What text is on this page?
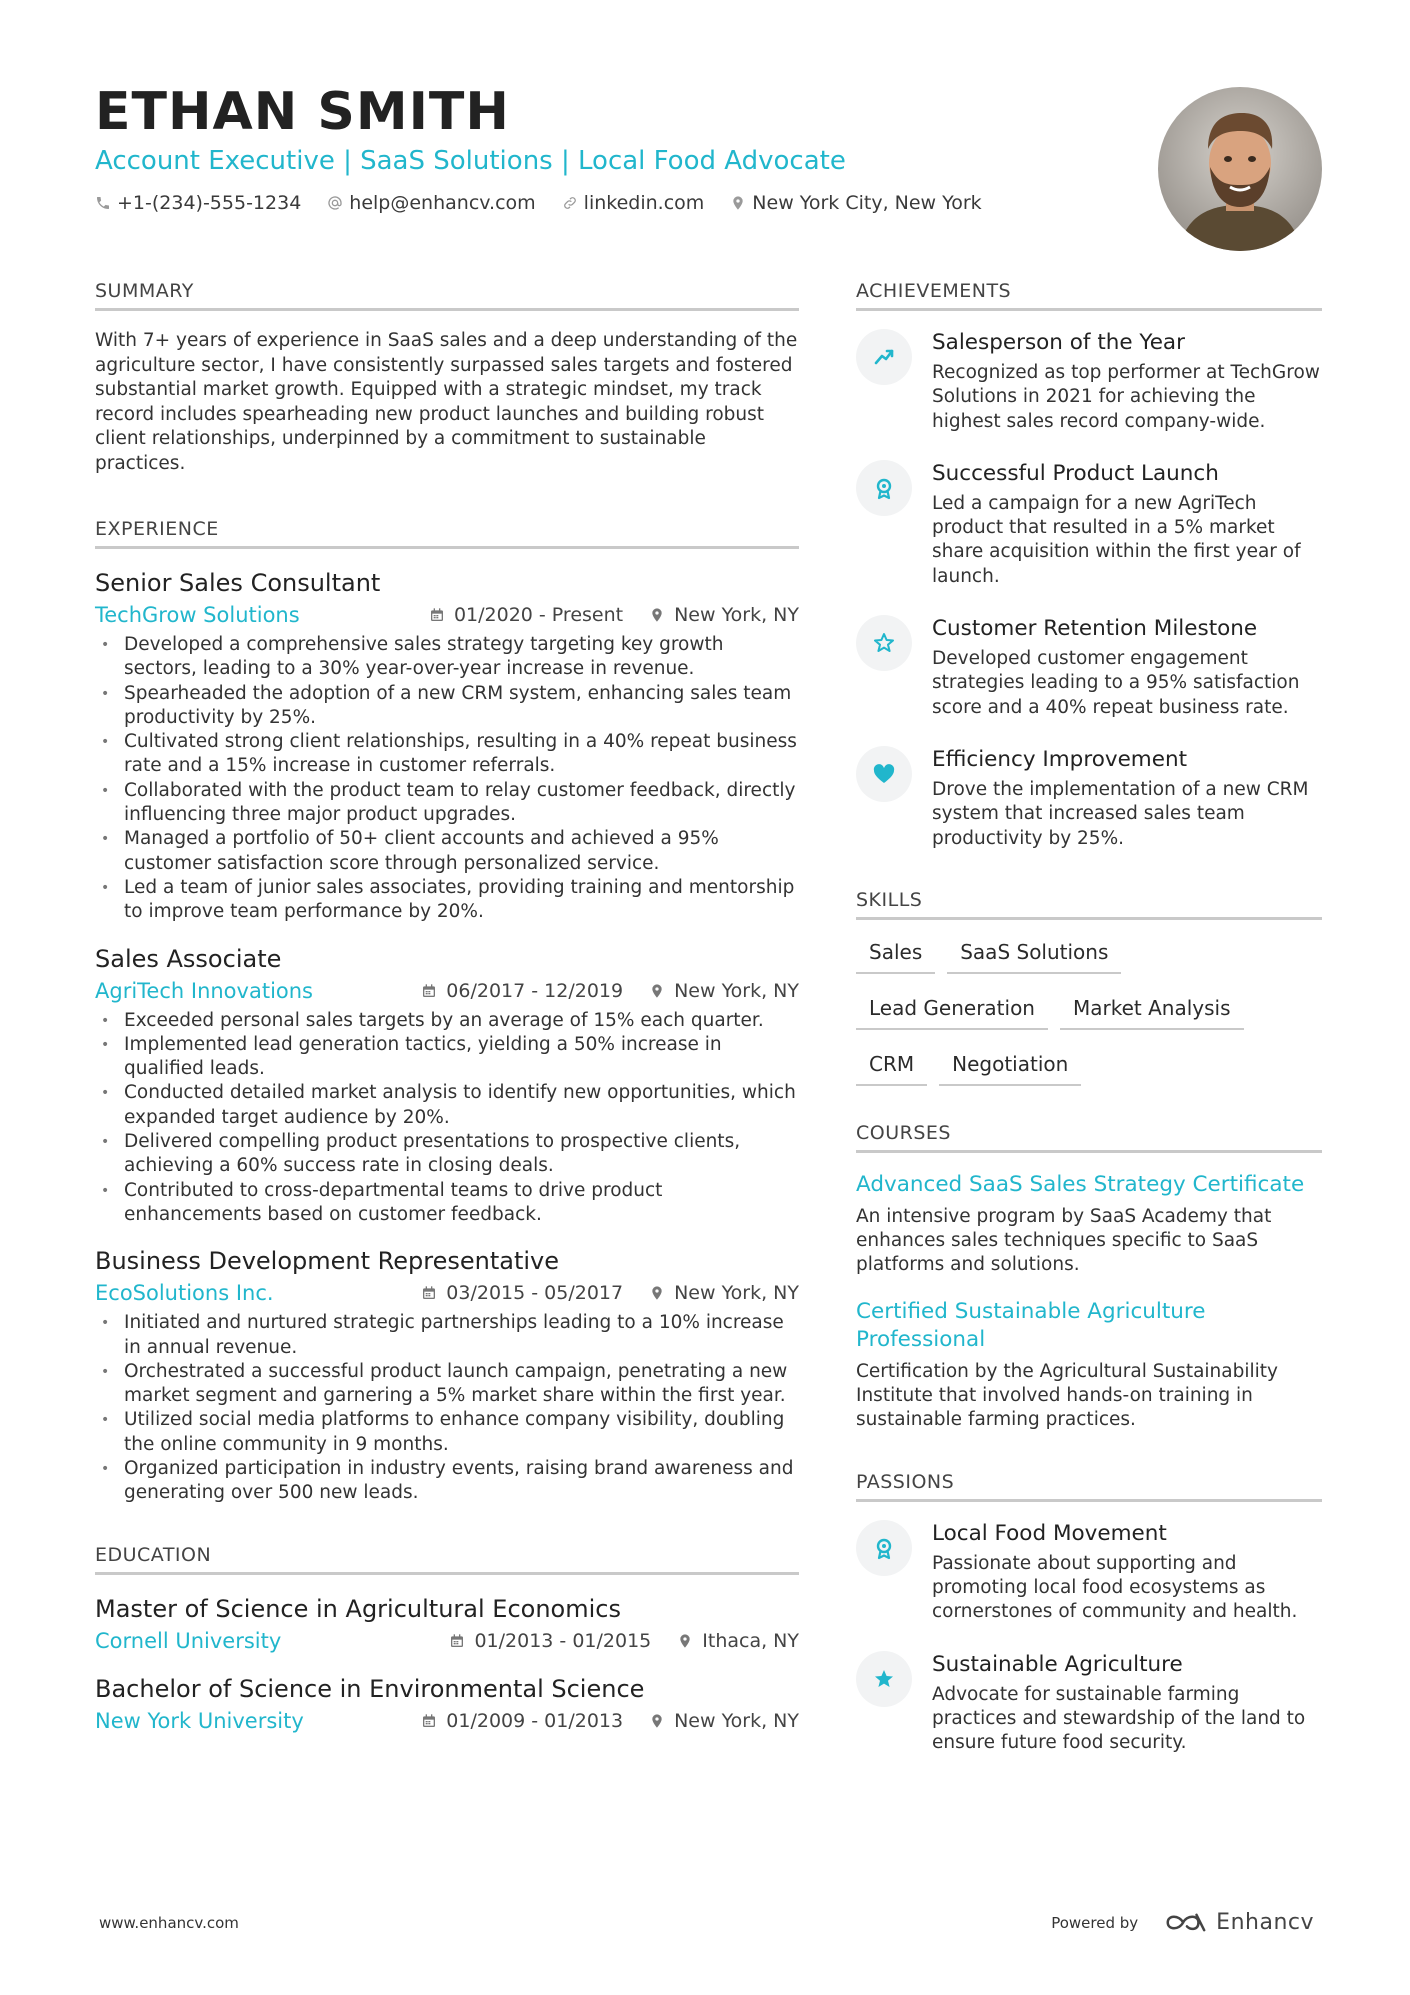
ETHAN SMITH
Account Executive | SaaS Solutions | Local Food Advocate
+1-(234)-555-1234	help@enhancv.com	linkedin.com	New York City, New York
SUMMARY

With 7+ years of experience in SaaS sales and a deep understanding of the agriculture sector, I have consistently surpassed sales targets and fostered substantial market growth. Equipped with a strategic mindset, my track record includes spearheading new product launches and building robust client relationships, underpinned by a commitment to sustainable practices.

EXPERIENCE
Senior Sales Consultant
TechGrow Solutions	01/2020 - Present	New York, NY
• Developed a comprehensive sales strategy targeting key growth sectors, leading to a 30% year-over-year increase in revenue.
• Spearheaded the adoption of a new CRM system, enhancing sales team productivity by 25%.
• Cultivated strong client relationships, resulting in a 40% repeat business rate and a 15% increase in customer referrals.
• Collaborated with the product team to relay customer feedback, directly influencing three major product upgrades.
• Managed a portfolio of 50+ client accounts and achieved a 95% customer satisfaction score through personalized service.
• Led a team of junior sales associates, providing training and mentorship to improve team performance by 20%.
Sales Associate
AgriTech Innovations	06/2017 - 12/2019	New York, NY
• Exceeded personal sales targets by an average of 15% each quarter.
• Implemented lead generation tactics, yielding a 50% increase in qualified leads.
• Conducted detailed market analysis to identify new opportunities, which expanded target audience by 20%.
• Delivered compelling product presentations to prospective clients, achieving a 60% success rate in closing deals.
• Contributed to cross-departmental teams to drive product enhancements based on customer feedback.
Business Development Representative
EcoSolutions Inc.	03/2015 - 05/2017	New York, NY
• Initiated and nurtured strategic partnerships leading to a 10% increase in annual revenue.
• Orchestrated a successful product launch campaign, penetrating a new market segment and garnering a 5% market share within the first year.
• Utilized social media platforms to enhance company visibility, doubling the online community in 9 months.
• Organized participation in industry events, raising brand awareness and generating over 500 new leads.
EDUCATION
Master of Science in Agricultural Economics
Cornell University	01/2013 - 01/2015	Ithaca, NY
Bachelor of Science in Environmental Science
New York University	01/2009 - 01/2013	New York, NY
ACHIEVEMENTS
Salesperson of the Year
Recognized as top performer at TechGrow Solutions in 2021 for achieving the highest sales record company-wide.
Successful Product Launch
Led a campaign for a new AgriTech product that resulted in a 5% market share acquisition within the first year of launch.
Customer Retention Milestone
Developed customer engagement strategies leading to a 95% satisfaction score and a 40% repeat business rate.
Efficiency Improvement
Drove the implementation of a new CRM system that increased sales team productivity by 25%.
SKILLS
Sales	SaaS Solutions
Lead Generation	Market Analysis
CRM	Negotiation
COURSES
Advanced SaaS Sales Strategy Certificate
An intensive program by SaaS Academy that enhances sales techniques specific to SaaS platforms and solutions.
Certified Sustainable Agriculture Professional
Certification by the Agricultural Sustainability Institute that involved hands-on training in sustainable farming practices.
PASSIONS
Local Food Movement
Passionate about supporting and promoting local food ecosystems as cornerstones of community and health.
Sustainable Agriculture
Advocate for sustainable farming practices and stewardship of the land to ensure future food security.
www.enhancv.com	Powered by	Enhancv
